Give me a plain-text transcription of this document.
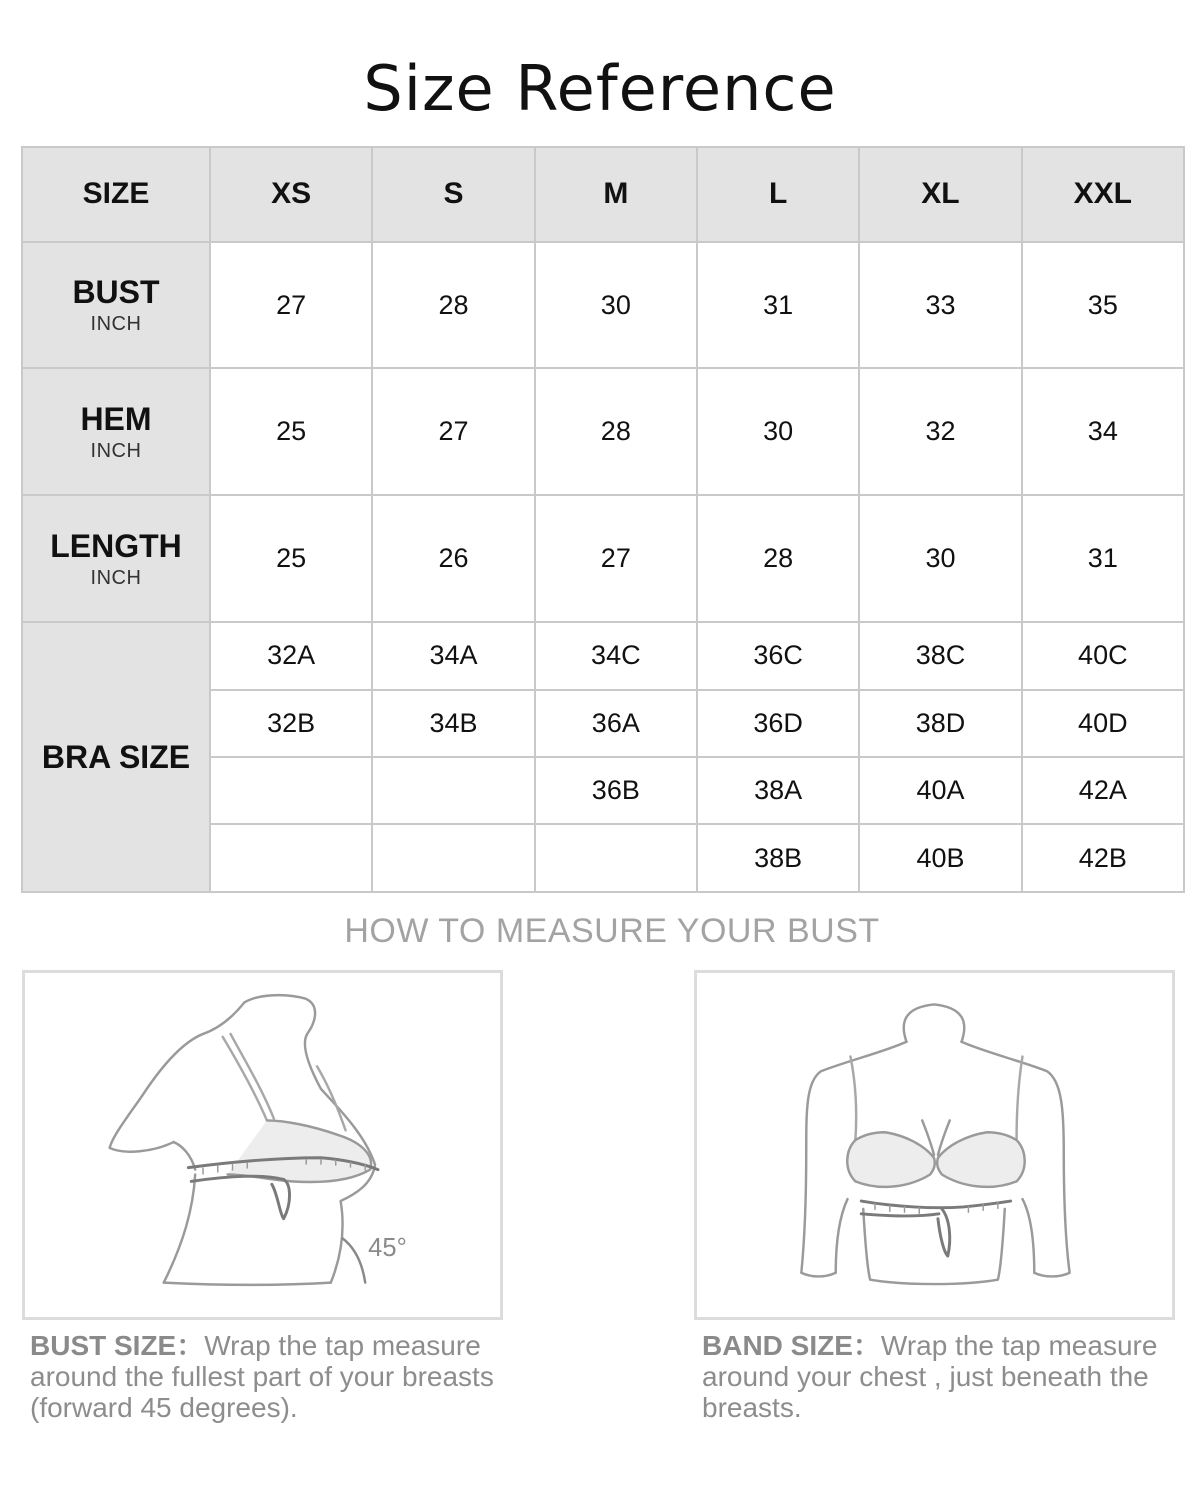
Size Reference
SIZE	XS	S	M	L	XL	XXL
BUST
INCH	27	28	30	31	33	35
HEM
INCH	25	27	28	30	32	34
LENGTH
INCH	25	26	27	28	30	31
BRA SIZE	32A	34A	34C	36C	38C	40C
	32B	34B	36A	36D	38D	40D
			36B	38A	40A	42A
				38B	40B	42B
HOW TO MEASURE YOUR BUST
45°
BUST SIZE：Wrap the tap measure around the fullest part of your breasts (forward 45 degrees).
BAND SIZE：Wrap the tap measure around your chest , just beneath the breasts.
